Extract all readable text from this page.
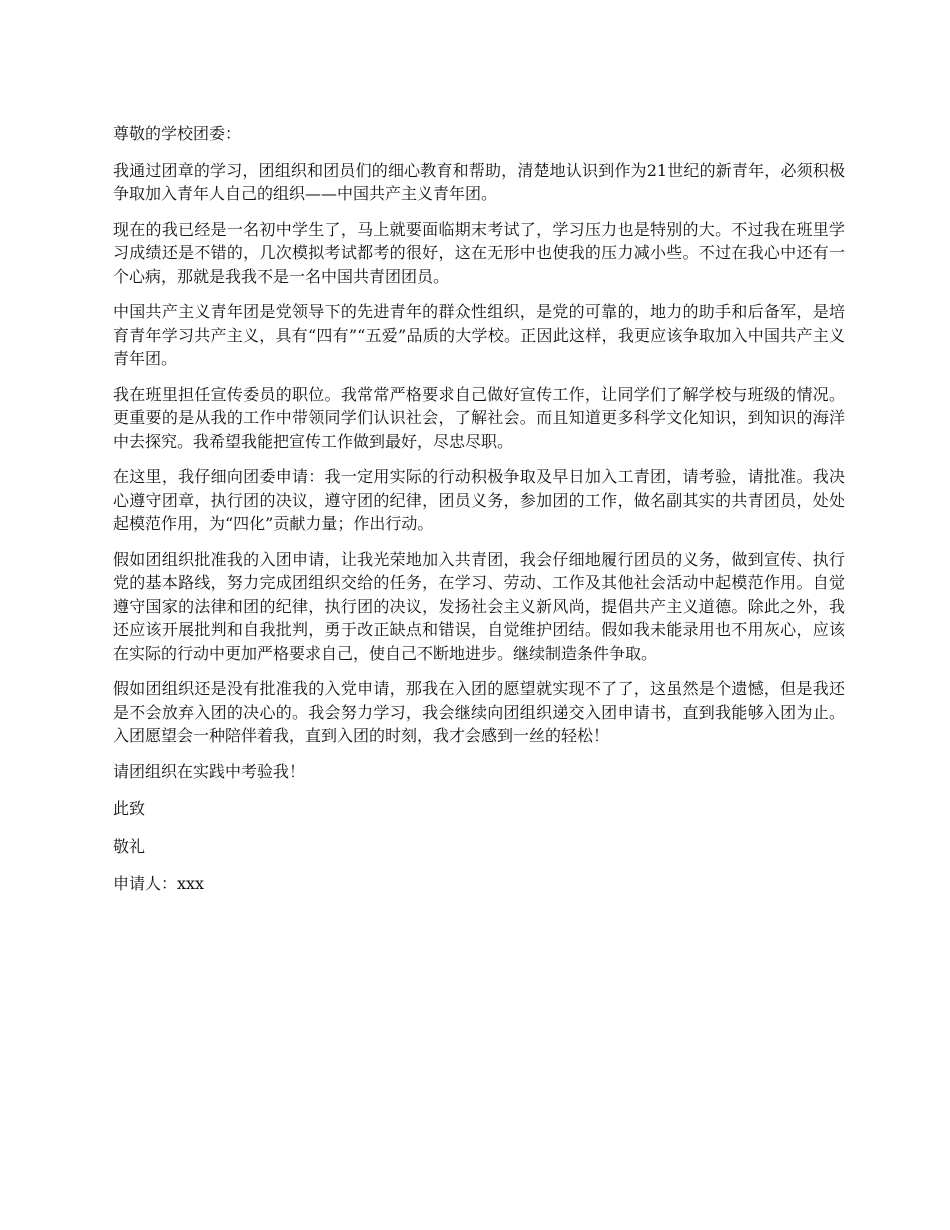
尊敬的学校团委：

我通过团章的学习，团组织和团员们的细心教育和帮助，清楚地认识到作为21世纪的新青年，必须积极争取加入青年人自己的组织——中国共产主义青年团。

现在的我已经是一名初中学生了，马上就要面临期末考试了，学习压力也是特别的大。不过我在班里学习成绩还是不错的，几次模拟考试都考的很好，这在无形中也使我的压力减小些。不过在我心中还有一个心病，那就是我我不是一名中国共青团团员。

中国共产主义青年团是党领导下的先进青年的群众性组织，是党的可靠的，地力的助手和后备军，是培育青年学习共产主义，具有“四有”“五爱”品质的大学校。正因此这样，我更应该争取加入中国共产主义青年团。

我在班里担任宣传委员的职位。我常常严格要求自己做好宣传工作，让同学们了解学校与班级的情况。更重要的是从我的工作中带领同学们认识社会，了解社会。而且知道更多科学文化知识，到知识的海洋中去探究。我希望我能把宣传工作做到最好，尽忠尽职。

在这里，我仔细向团委申请：我一定用实际的行动积极争取及早日加入工青团，请考验，请批准。我决心遵守团章，执行团的决议，遵守团的纪律，团员义务，参加团的工作，做名副其实的共青团员，处处起模范作用，为“四化”贡献力量；作出行动。

假如团组织批准我的入团申请，让我光荣地加入共青团，我会仔细地履行团员的义务，做到宣传、执行党的基本路线，努力完成团组织交给的任务，在学习、劳动、工作及其他社会活动中起模范作用。自觉遵守国家的法律和团的纪律，执行团的决议，发扬社会主义新风尚，提倡共产主义道德。除此之外，我还应该开展批判和自我批判，勇于改正缺点和错误，自觉维护团结。假如我未能录用也不用灰心，应该在实际的行动中更加严格要求自己，使自己不断地进步。继续制造条件争取。

假如团组织还是没有批准我的入党申请，那我在入团的愿望就实现不了了，这虽然是个遗憾，但是我还是不会放弃入团的决心的。我会努力学习，我会继续向团组织递交入团申请书，直到我能够入团为止。入团愿望会一种陪伴着我，直到入团的时刻，我才会感到一丝的轻松！

请团组织在实践中考验我！

此致

敬礼

申请人：xxx
